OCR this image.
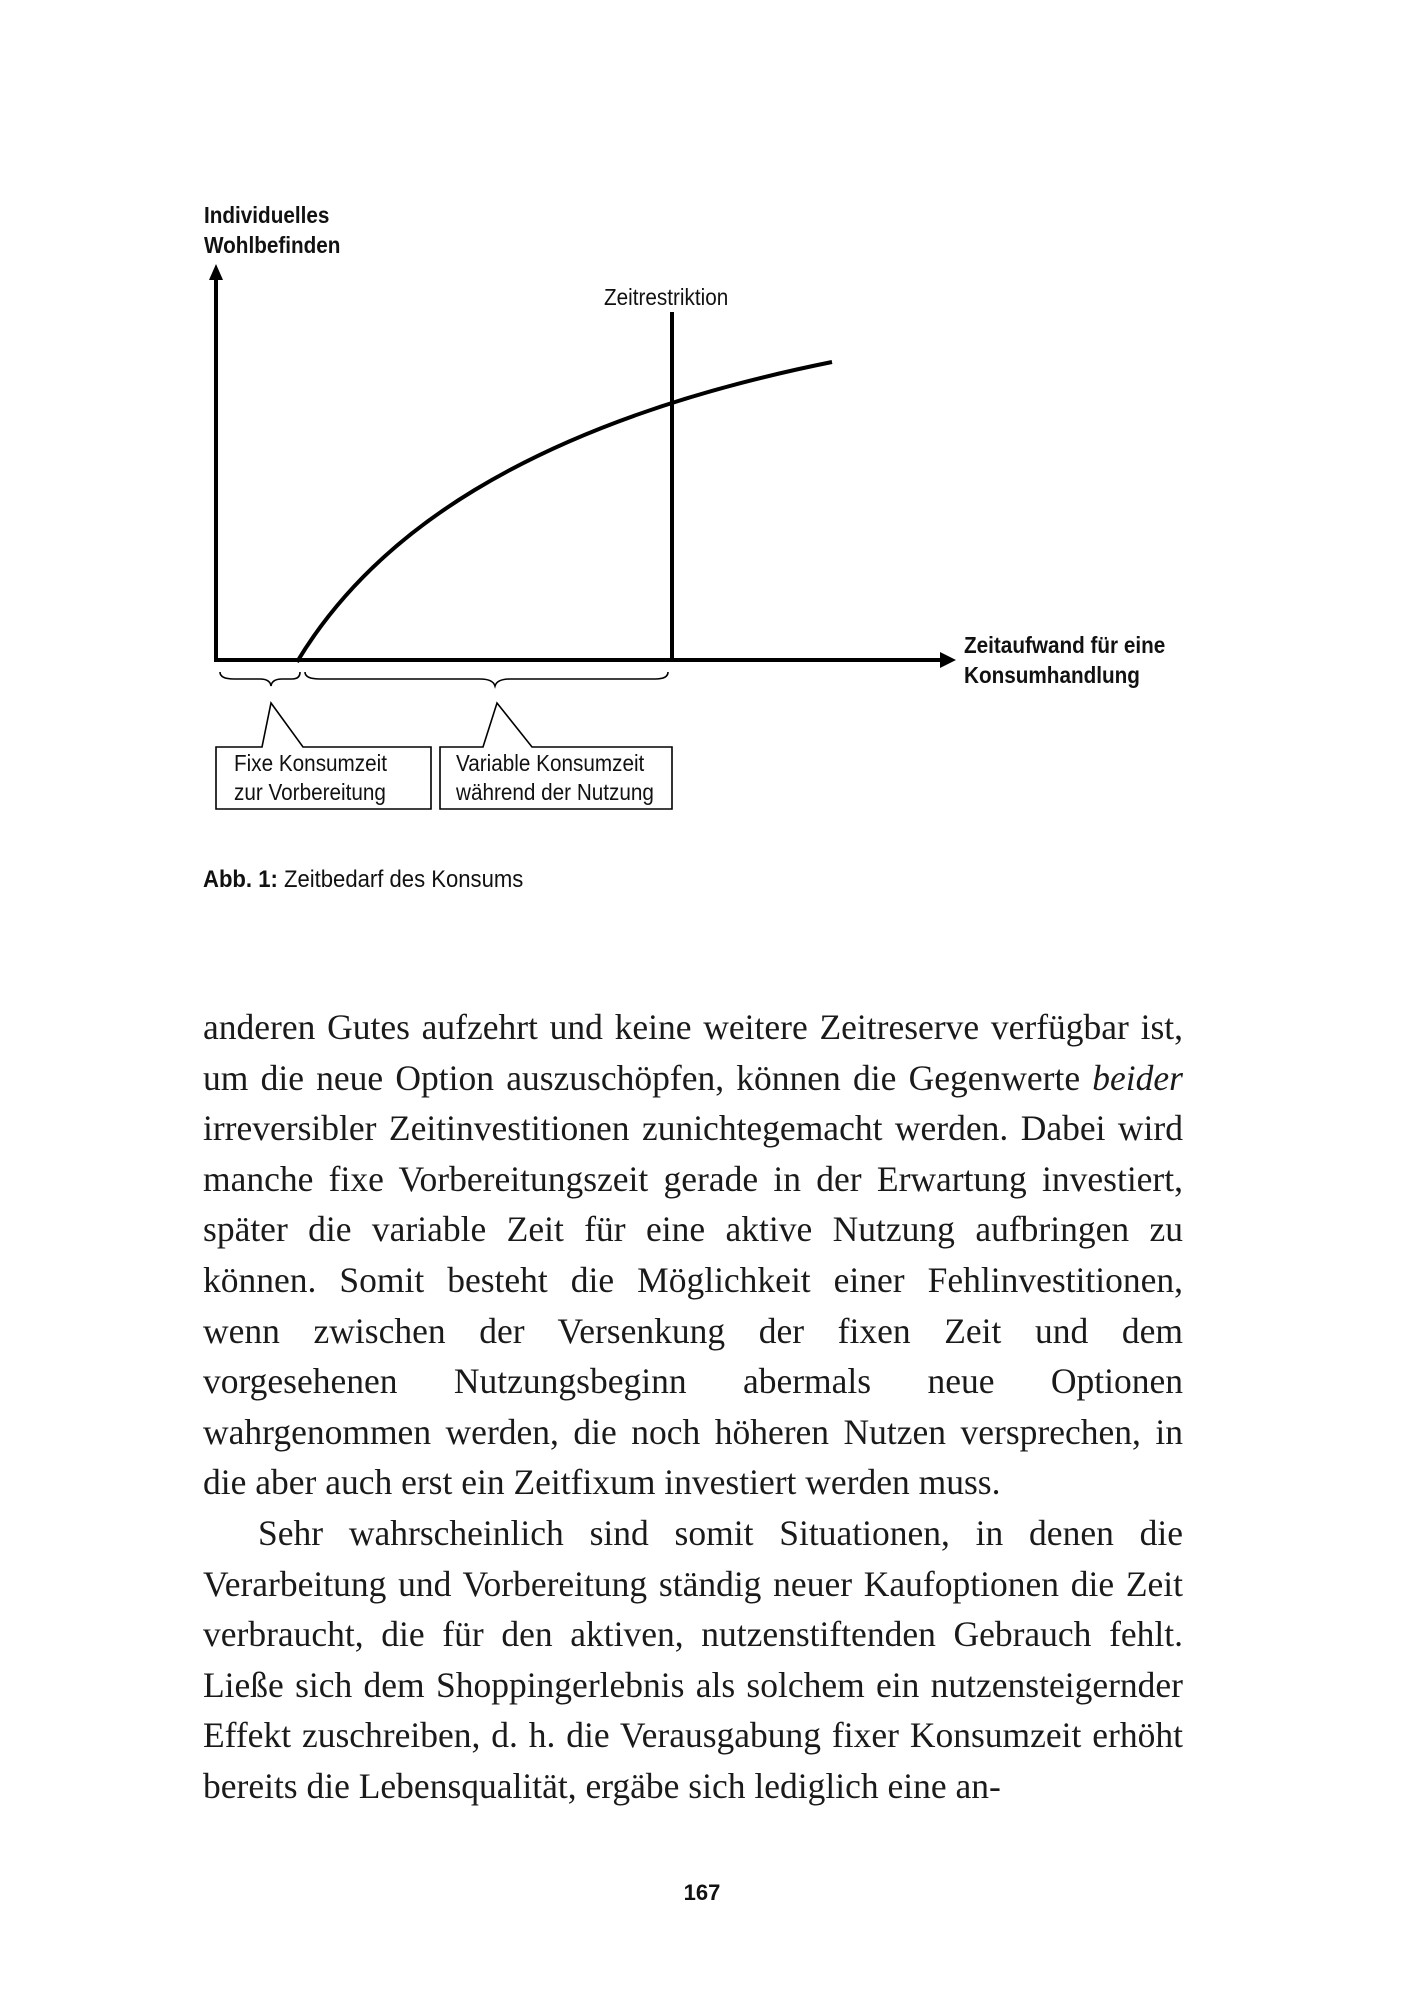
Individuelles
Wohlbefinden
Zeitrestriktion
Zeitaufwand für eine
Konsumhandlung
Fixe Konsumzeit
zur Vorbereitung
Variable Konsumzeit
während der Nutzung
Abb. 1: Zeitbedarf des Konsums

anderen Gutes aufzehrt und keine weitere Zeitreserve verfügbar ist, um die neue Option auszuschöpfen, können die Gegenwerte beider irreversibler Zeitinvestitionen zunichtegemacht werden. Dabei wird manche fixe Vorbereitungszeit gerade in der Erwartung investiert, später die variable Zeit für eine aktive Nutzung aufbringen zu können. Somit besteht die Möglichkeit einer Fehlinvestitionen, wenn zwischen der Versenkung der fixen Zeit und dem vorgesehenen Nutzungsbeginn abermals neue Optionen wahrgenommen werden, die noch höheren Nutzen versprechen, in die aber auch erst ein Zeitfixum investiert werden muss.

Sehr wahrscheinlich sind somit Situationen, in denen die Verarbeitung und Vorbereitung ständig neuer Kaufoptionen die Zeit verbraucht, die für den aktiven, nutzenstiftenden Gebrauch fehlt. Ließe sich dem Shoppingerlebnis als solchem ein nutzensteigernder Effekt zuschreiben, d. h. die Verausgabung fixer Konsumzeit erhöht bereits die Lebensqualität, ergäbe sich lediglich eine an-

167
